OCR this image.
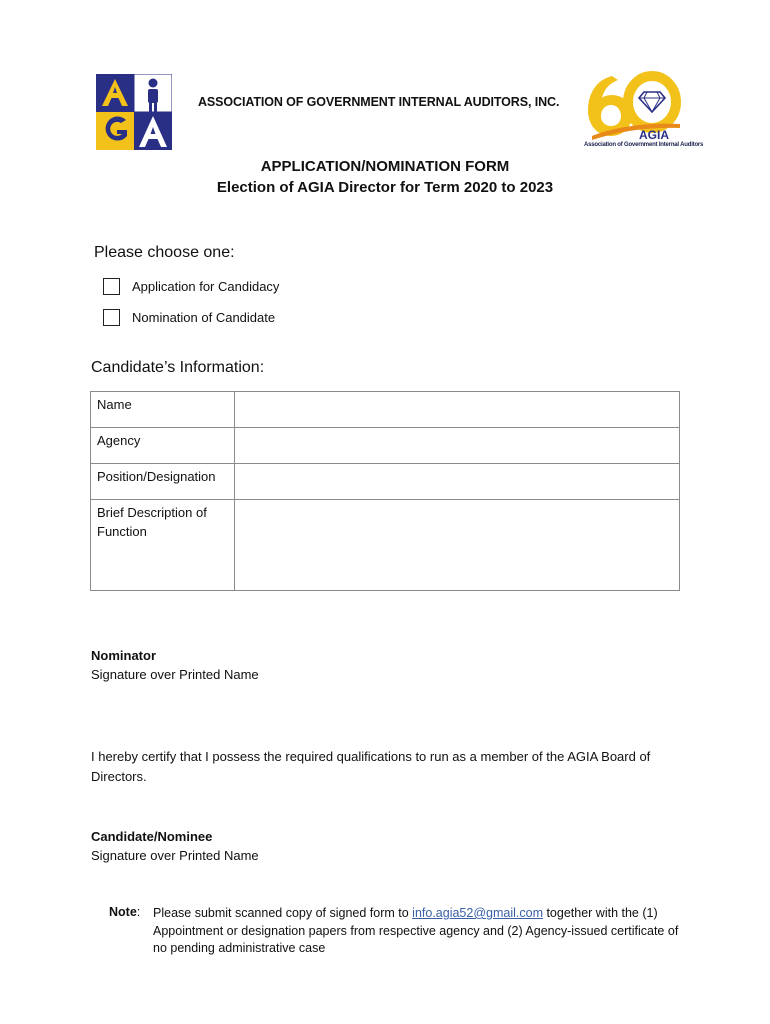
ASSOCIATION OF GOVERNMENT INTERNAL AUDITORS, INC.
AGIA
Association of Government Internal Auditors
APPLICATION/NOMINATION FORM
Election of AGIA Director for Term 2020 to 2023
Please choose one:
Application for Candidacy
Nomination of Candidate
Candidate’s Information:
Name	
Agency	
Position/Designation	
Brief Description of Function	
Nominator
Signature over Printed Name
I hereby certify that I possess the required qualifications to run as a member of the AGIA Board of Directors.
Candidate/Nominee
Signature over Printed Name
Note: Please submit scanned copy of signed form to info.agia52@gmail.com together with the (1) Appointment or designation papers from respective agency and (2) Agency-issued certificate of no pending administrative case
